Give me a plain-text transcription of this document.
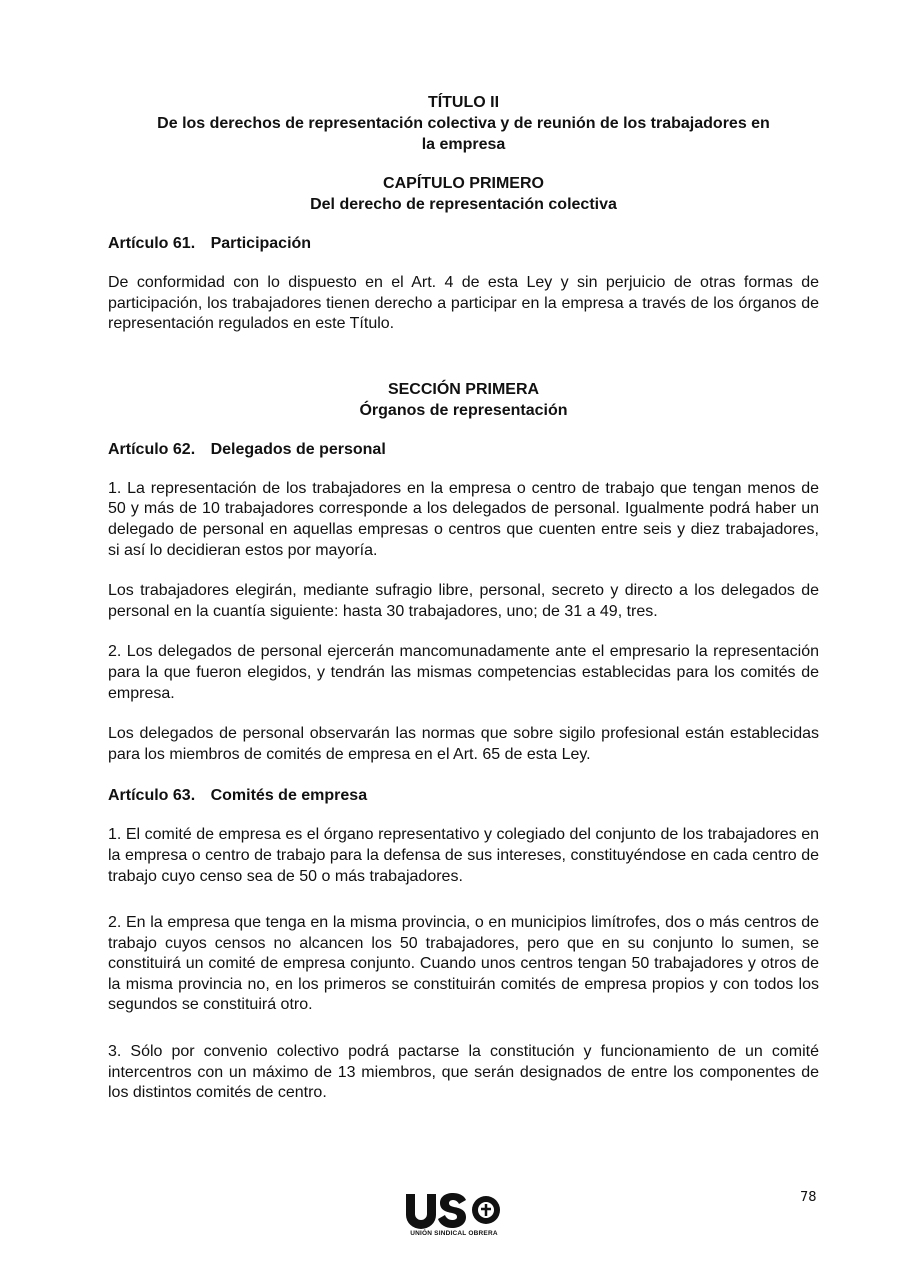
TÍTULO II
De los derechos de representación colectiva y de reunión de los trabajadores en
la empresa
CAPÍTULO PRIMERO
Del derecho de representación colectiva
Artículo 61. Participación

De conformidad con lo dispuesto en el Art. 4 de esta Ley y sin perjuicio de otras formas de participación, los trabajadores tienen derecho a participar en la empresa a través de los órganos de representación regulados en este Título.

SECCIÓN PRIMERA
Órganos de representación
Artículo 62. Delegados de personal

1. La representación de los trabajadores en la empresa o centro de trabajo que tengan menos de 50 y más de 10 trabajadores corresponde a los delegados de personal. Igualmente podrá haber un delegado de personal en aquellas empresas o centros que cuenten entre seis y diez trabajadores, si así lo decidieran estos por mayoría.

Los trabajadores elegirán, mediante sufragio libre, personal, secreto y directo a los delegados de personal en la cuantía siguiente: hasta 30 trabajadores, uno; de 31 a 49, tres.

2. Los delegados de personal ejercerán mancomunadamente ante el empresario la representación para la que fueron elegidos, y tendrán las mismas competencias establecidas para los comités de empresa.

Los delegados de personal observarán las normas que sobre sigilo profesional están establecidas para los miembros de comités de empresa en el Art. 65 de esta Ley.

Artículo 63. Comités de empresa

1. El comité de empresa es el órgano representativo y colegiado del conjunto de los trabajadores en la empresa o centro de trabajo para la defensa de sus intereses, constituyéndose en cada centro de trabajo cuyo censo sea de 50 o más trabajadores.

2. En la empresa que tenga en la misma provincia, o en municipios limítrofes, dos o más centros de trabajo cuyos censos no alcancen los 50 trabajadores, pero que en su conjunto lo sumen, se constituirá un comité de empresa conjunto. Cuando unos centros tengan 50 trabajadores y otros de la misma provincia no, en los primeros se constituirán comités de empresa propios y con todos los segundos se constituirá otro.

3. Sólo por convenio colectivo podrá pactarse la constitución y funcionamiento de un comité intercentros con un máximo de 13 miembros, que serán designados de entre los componentes de los distintos comités de centro.

78
UNIÓN SINDICAL OBRERA
